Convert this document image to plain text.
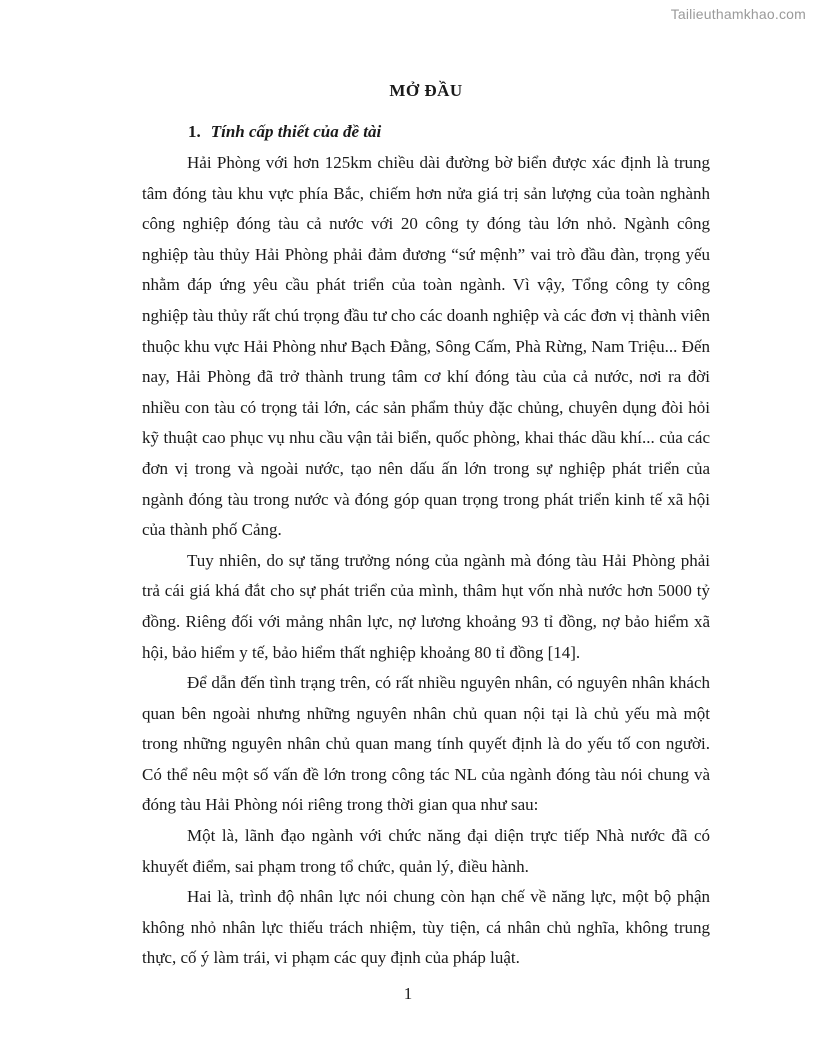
Tailieuthamkhao.com
MỞ ĐẦU
1. Tính cấp thiết của đề tài

Hải Phòng với hơn 125km chiều dài đường bờ biển được xác định là trung tâm đóng tàu khu vực phía Bắc, chiếm hơn nửa giá trị sản lượng của toàn nghành công nghiệp đóng tàu cả nước với 20 công ty đóng tàu lớn nhỏ. Ngành công nghiệp tàu thủy Hải Phòng phải đảm đương “sứ mệnh” vai trò đầu đàn, trọng yếu nhằm đáp ứng yêu cầu phát triển của toàn ngành. Vì vậy, Tổng công ty công nghiệp tàu thủy rất chú trọng đầu tư cho các doanh nghiệp và các đơn vị thành viên thuộc khu vực Hải Phòng như Bạch Đằng, Sông Cấm, Phà Rừng, Nam Triệu... Đến nay, Hải Phòng đã trở thành trung tâm cơ khí đóng tàu của cả nước, nơi ra đời nhiều con tàu có trọng tải lớn, các sản phẩm thủy đặc chủng, chuyên dụng đòi hỏi kỹ thuật cao phục vụ nhu cầu vận tải biển, quốc phòng, khai thác dầu khí... của các đơn vị trong và ngoài nước, tạo nên dấu ấn lớn trong sự nghiệp phát triển của ngành đóng tàu trong nước và đóng góp quan trọng trong phát triển kinh tế xã hội của thành phố Cảng.

Tuy nhiên, do sự tăng trưởng nóng của ngành mà đóng tàu Hải Phòng phải trả cái giá khá đắt cho sự phát triển của mình, thâm hụt vốn nhà nước hơn 5000 tỷ đồng. Riêng đối với mảng nhân lực, nợ lương khoảng 93 tỉ đồng, nợ bảo hiểm xã hội, bảo hiểm y tế, bảo hiểm thất nghiệp khoảng 80 tỉ đồng [14].

Để dẫn đến tình trạng trên, có rất nhiều nguyên nhân, có nguyên nhân khách quan bên ngoài nhưng những nguyên nhân chủ quan nội tại là chủ yếu mà một trong những nguyên nhân chủ quan mang tính quyết định là do yếu tố con người. Có thể nêu một số vấn đề lớn trong công tác NL của ngành đóng tàu nói chung và đóng tàu Hải Phòng nói riêng trong thời gian qua như sau:

Một là, lãnh đạo ngành với chức năng đại diện trực tiếp Nhà nước đã có khuyết điểm, sai phạm trong tổ chức, quản lý, điều hành.

Hai là, trình độ nhân lực nói chung còn hạn chế về năng lực, một bộ phận không nhỏ nhân lực thiếu trách nhiệm, tùy tiện, cá nhân chủ nghĩa, không trung thực, cố ý làm trái, vi phạm các quy định của pháp luật.

1
